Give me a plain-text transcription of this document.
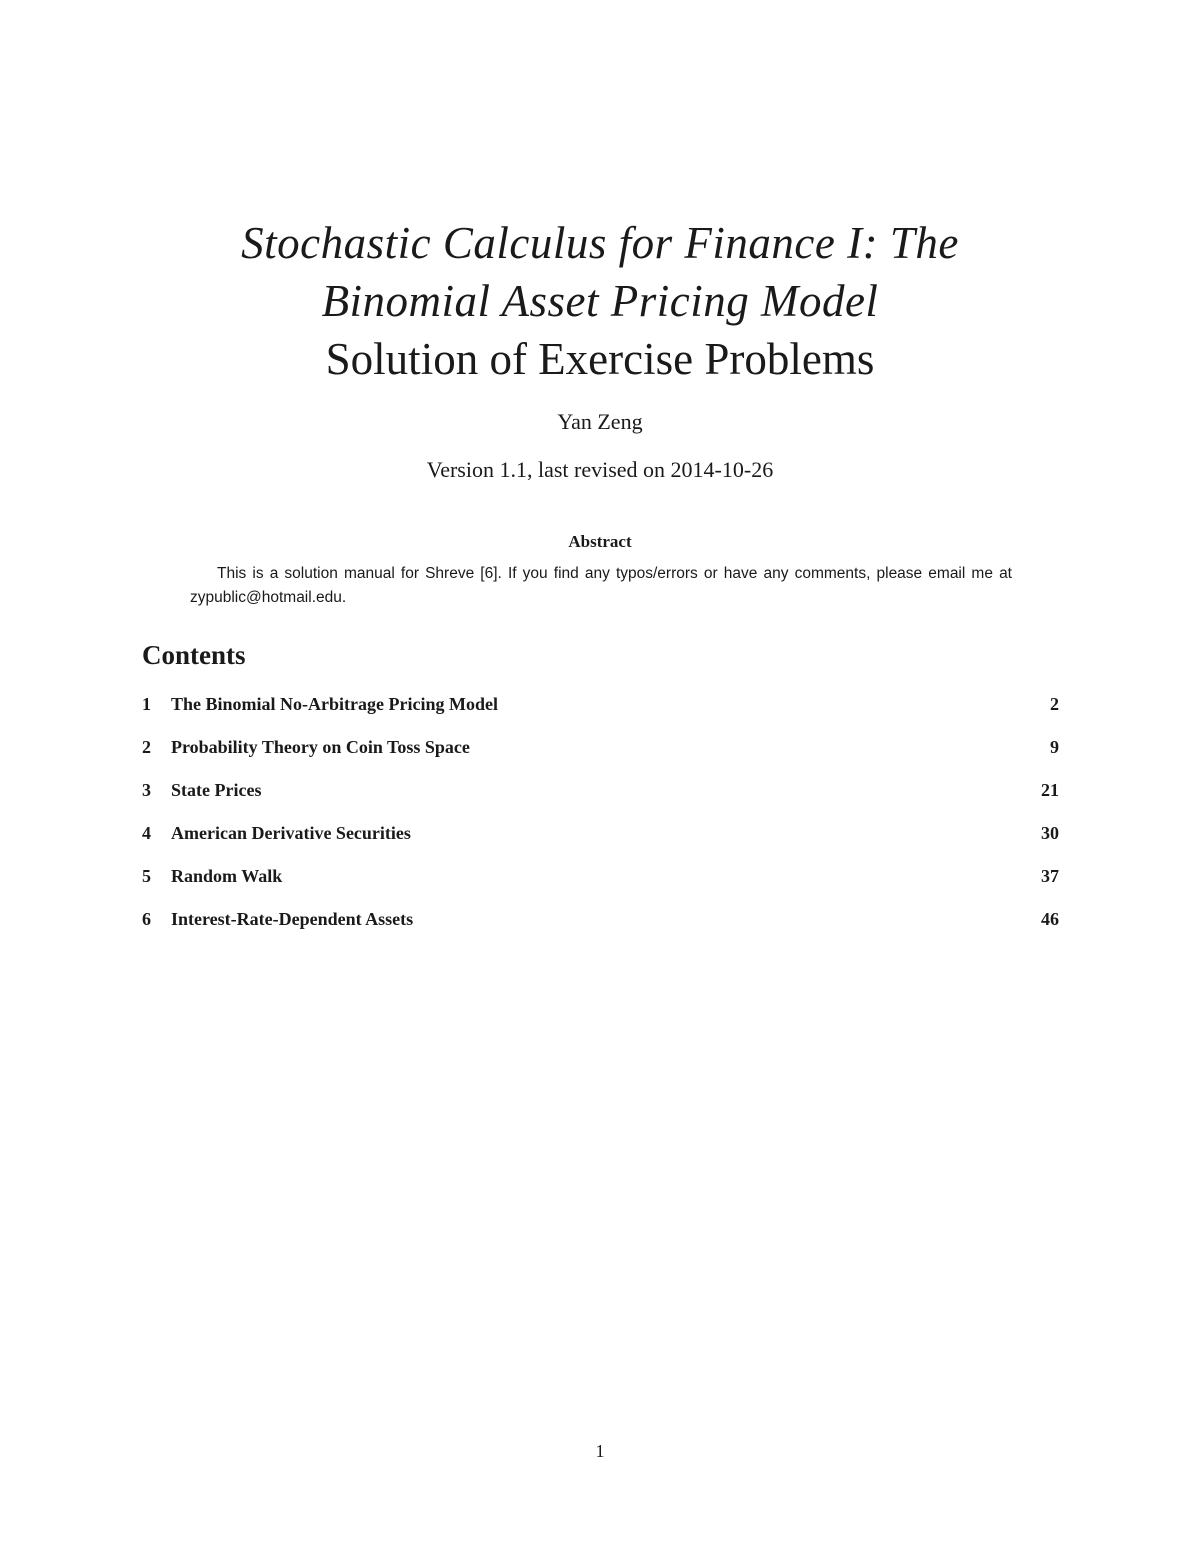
Stochastic Calculus for Finance I: The
Binomial Asset Pricing Model
Solution of Exercise Problems
Yan Zeng
Version 1.1, last revised on 2014-10-26
Abstract
This is a solution manual for Shreve [6]. If you find any typos/errors or have any comments, please email me at zypublic@hotmail.edu.
Contents
1	The Binomial No-Arbitrage Pricing Model	2
2	Probability Theory on Coin Toss Space	9
3	State Prices	21
4	American Derivative Securities	30
5	Random Walk	37
6	Interest-Rate-Dependent Assets	46
1
